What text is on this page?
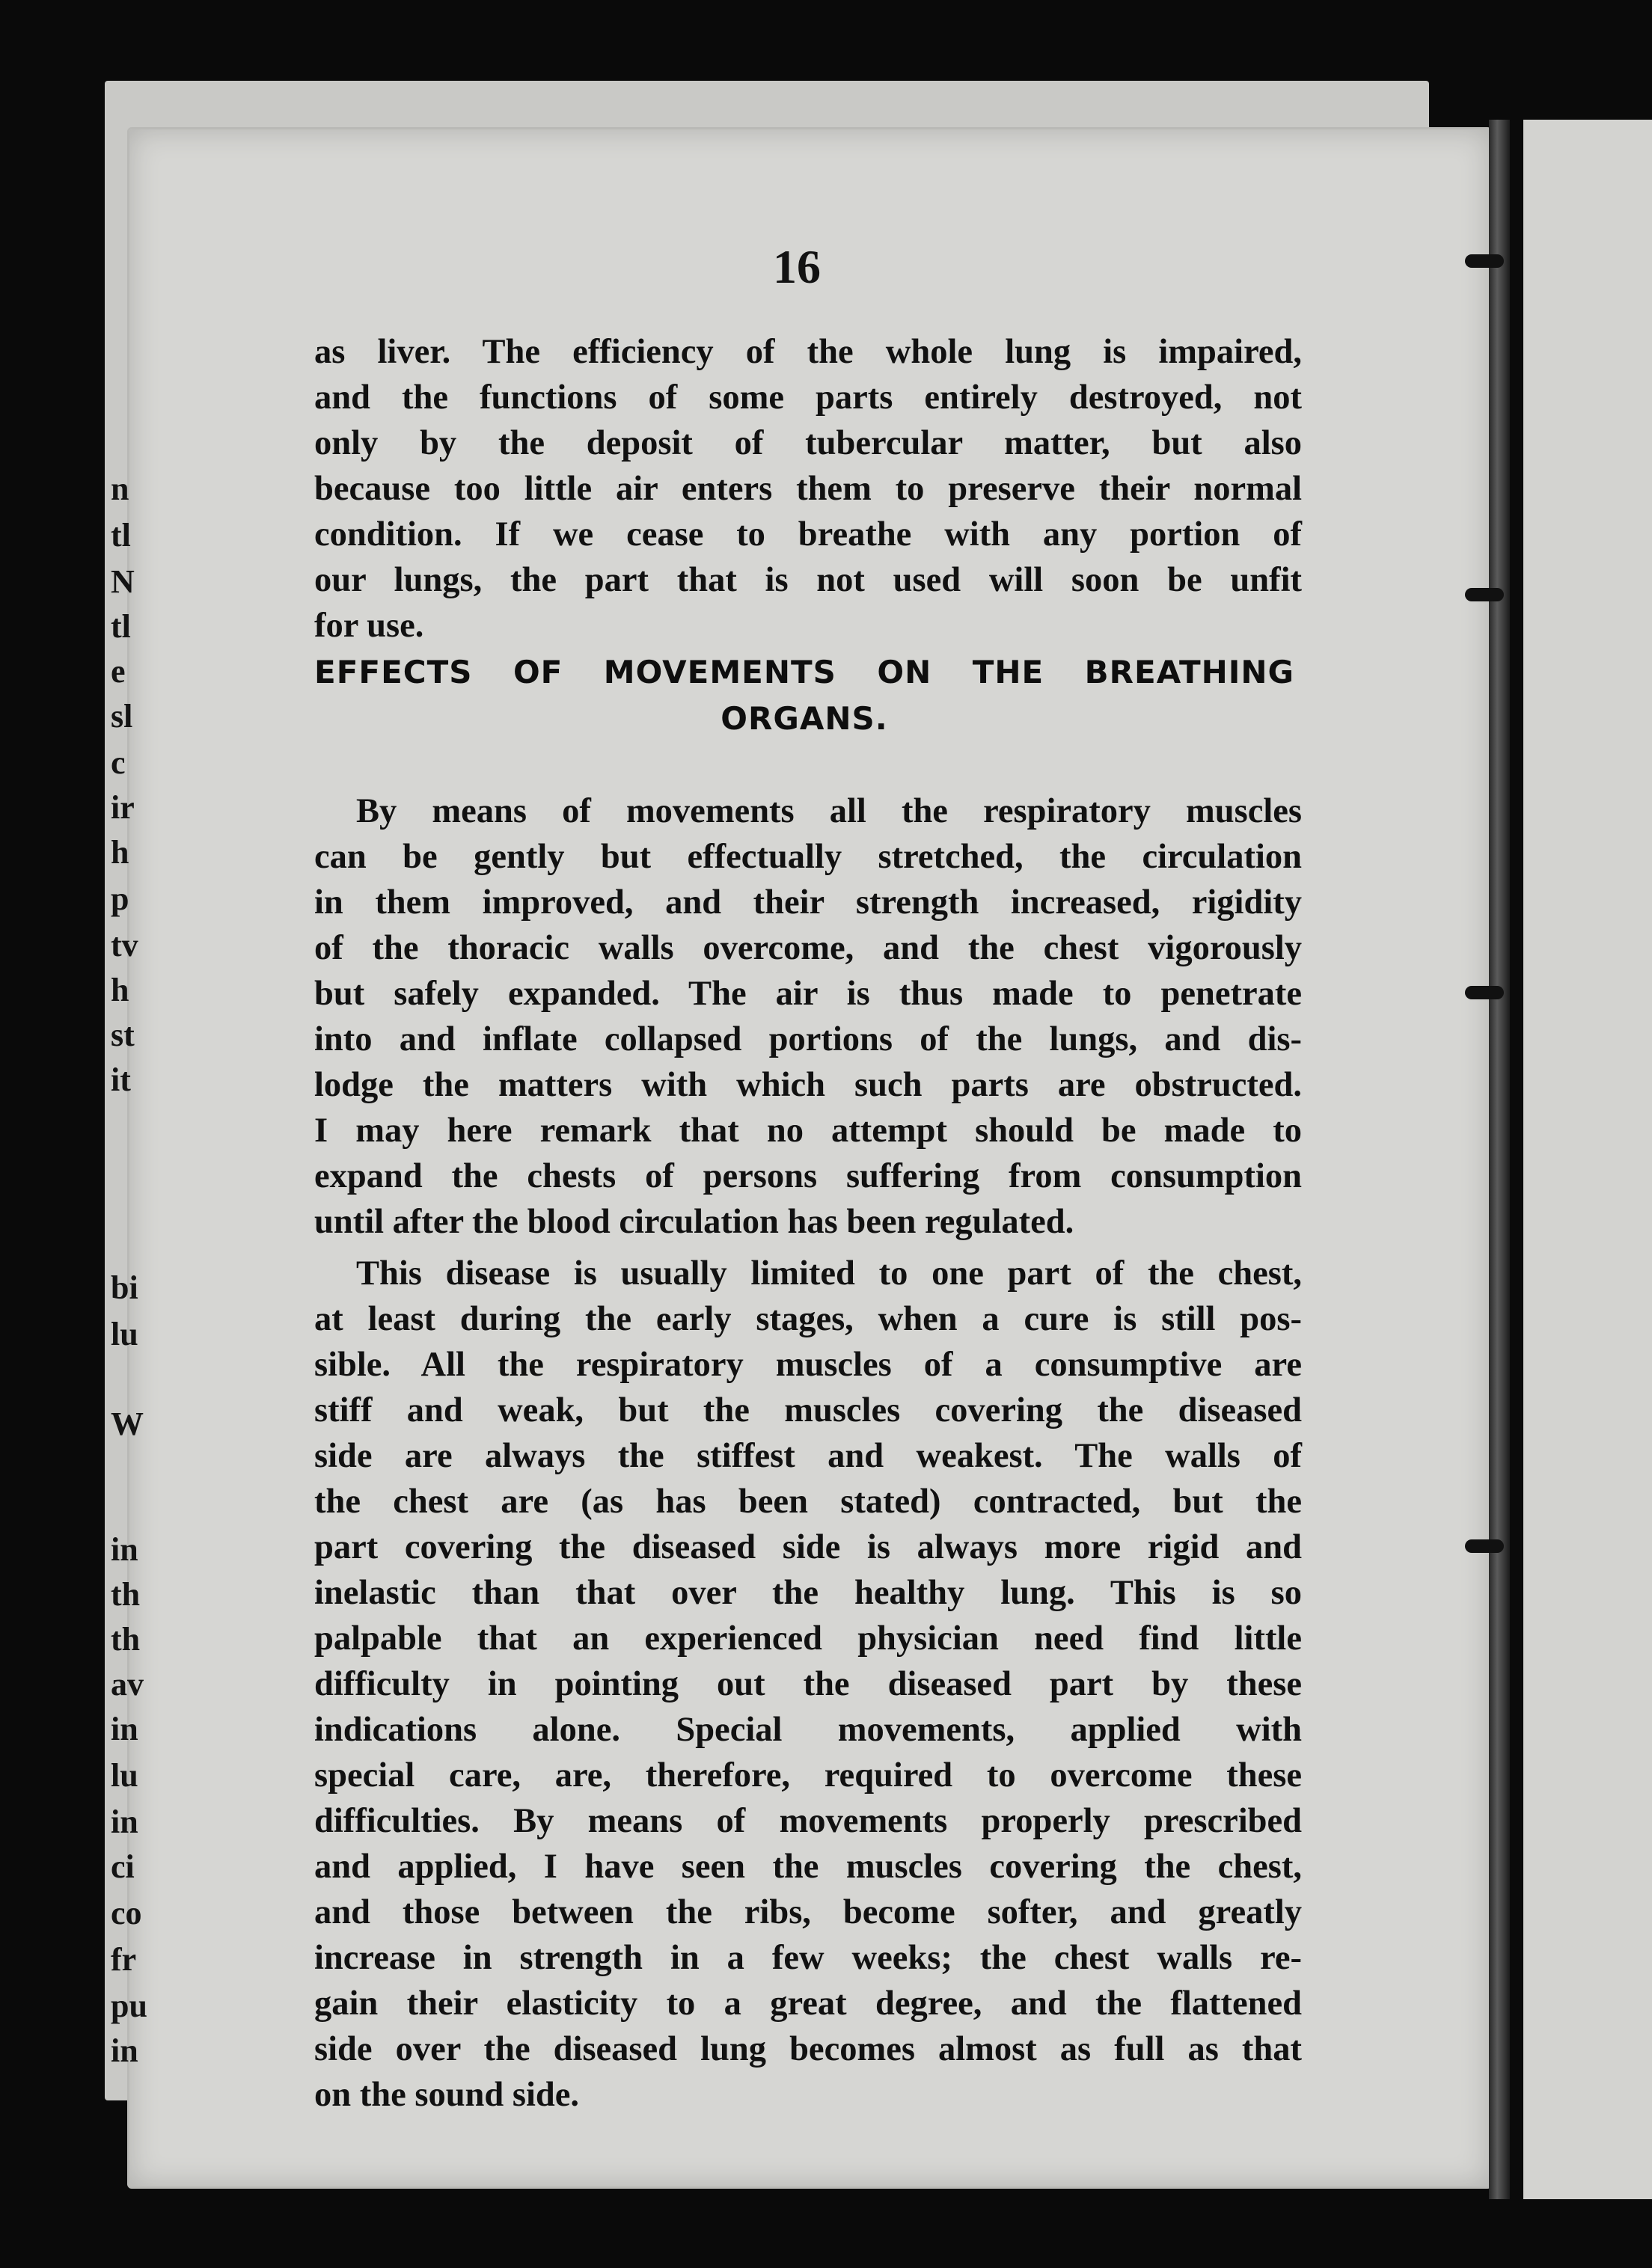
n
tl
N
tl
e
sl
c
ir
h
p
tv
h
st
it
bi
lu
W
in
th
th
av
in
lu
in
ci
co
fr
pu
in
16
as liver. The efficiency of the whole lung is impaired,
and the functions of some parts entirely destroyed, not
only by the deposit of tubercular matter, but also
because too little air enters them to preserve their normal
condition. If we cease to breathe with any portion of
our lungs, the part that is not used will soon be unfit
for use.
EFFECTS OF MOVEMENTS ON THE BREATHING
ORGANS.
By means of movements all the respiratory muscles
can be gently but effectually stretched, the circulation
in them improved, and their strength increased, rigidity
of the thoracic walls overcome, and the chest vigorously
but safely expanded. The air is thus made to penetrate
into and inflate collapsed portions of the lungs, and dis-
lodge the matters with which such parts are obstructed.
I may here remark that no attempt should be made to
expand the chests of persons suffering from consumption
until after the blood circulation has been regulated.
This disease is usually limited to one part of the chest,
at least during the early stages, when a cure is still pos-
sible. All the respiratory muscles of a consumptive are
stiff and weak, but the muscles covering the diseased
side are always the stiffest and weakest. The walls of
the chest are (as has been stated) contracted, but the
part covering the diseased side is always more rigid and
inelastic than that over the healthy lung. This is so
palpable that an experienced physician need find little
difficulty in pointing out the diseased part by these
indications alone. Special movements, applied with
special care, are, therefore, required to overcome these
difficulties. By means of movements properly prescribed
and applied, I have seen the muscles covering the chest,
and those between the ribs, become softer, and greatly
increase in strength in a few weeks; the chest walls re-
gain their elasticity to a great degree, and the flattened
side over the diseased lung becomes almost as full as that
on the sound side.
